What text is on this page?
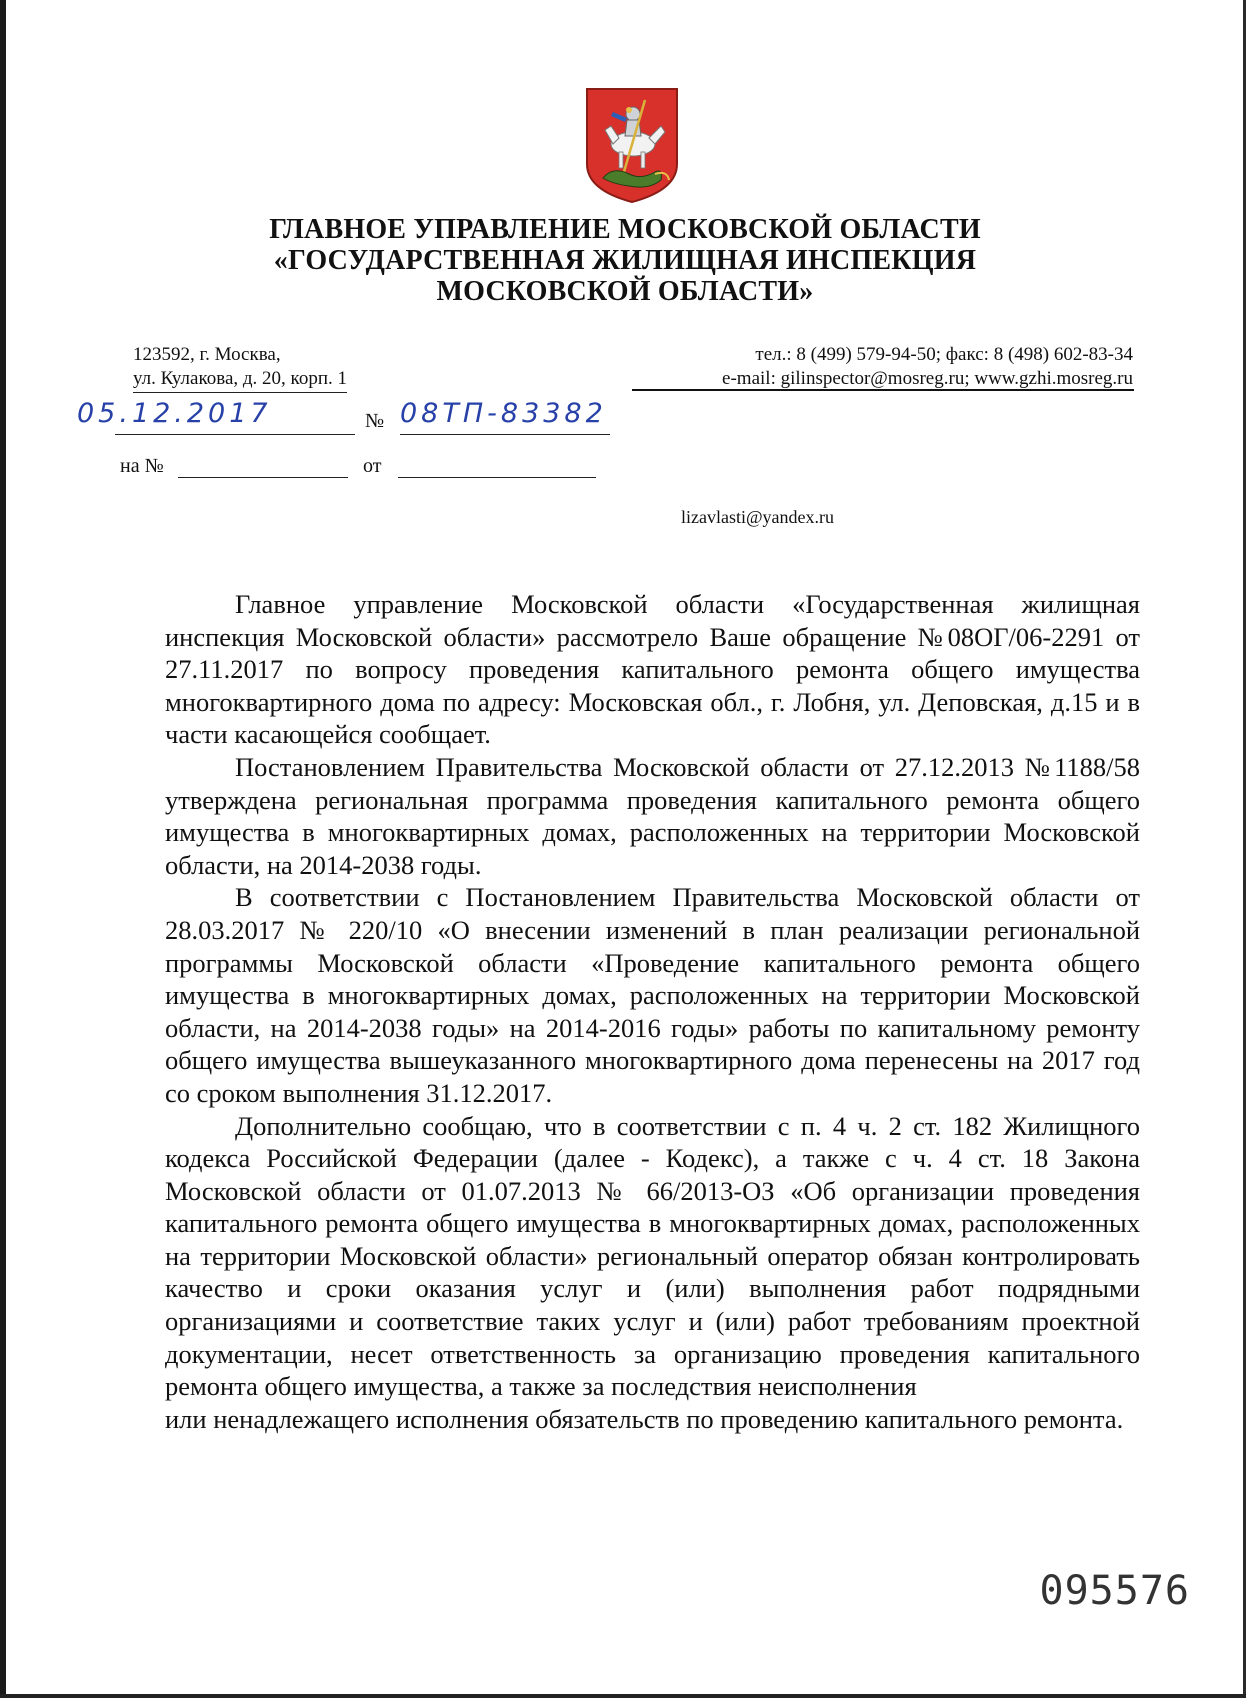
ГЛАВНОЕ УПРАВЛЕНИЕ МОСКОВСКОЙ ОБЛАСТИ
«ГОСУДАРСТВЕННАЯ ЖИЛИЩНАЯ ИНСПЕКЦИЯ
МОСКОВСКОЙ ОБЛАСТИ»
123592, г. Москва,
ул. Кулакова, д. 20, корп. 1
тел.: 8 (499) 579-94-50; факс: 8 (498) 602-83-34
e-mail: gilinspector@mosreg.ru; www.gzhi.mosreg.ru
05.12.2017	№ 08ТП-83382
на №	от
lizavlasti@yandex.ru

Главное управление Московской области «Государственная жилищная инспекция Московской области» рассмотрело Ваше обращение №08ОГ/06-2291 от 27.11.2017 по вопросу проведения капитального ремонта общего имущества многоквартирного дома по адресу: Московская обл., г. Лобня, ул. Деповская, д.15 и в части касающейся сообщает.

Постановлением Правительства Московской области от 27.12.2013 №1188/58 утверждена региональная программа проведения капитального ремонта общего имущества в многоквартирных домах, расположенных на территории Московской области, на 2014-2038 годы.

В соответствии с Постановлением Правительства Московской области от 28.03.2017 № 220/10 «О внесении изменений в план реализации региональной программы Московской области «Проведение капитального ремонта общего имущества в многоквартирных домах, расположенных на территории Московской области, на 2014-2038 годы» на 2014-2016 годы» работы по капитальному ремонту общего имущества вышеуказанного многоквартирного дома перенесены на 2017 год со сроком выполнения 31.12.2017.

Дополнительно сообщаю, что в соответствии с п. 4 ч. 2 ст. 182 Жилищного кодекса Российской Федерации (далее - Кодекс), а также с ч. 4 ст. 18 Закона Московской области от 01.07.2013 № 66/2013-ОЗ «Об организации проведения капитального ремонта общего имущества в многоквартирных домах, расположенных на территории Московской области» региональный оператор обязан контролировать качество и сроки оказания услуг и (или) выполнения работ подрядными организациями и соответствие таких услуг и (или) работ требованиям проектной документации, несет ответственность за организацию проведения капитального ремонта общего имущества, а также за последствия неисполнения

или ненадлежащего исполнения обязательств по проведению капитального ремонта.

095576
